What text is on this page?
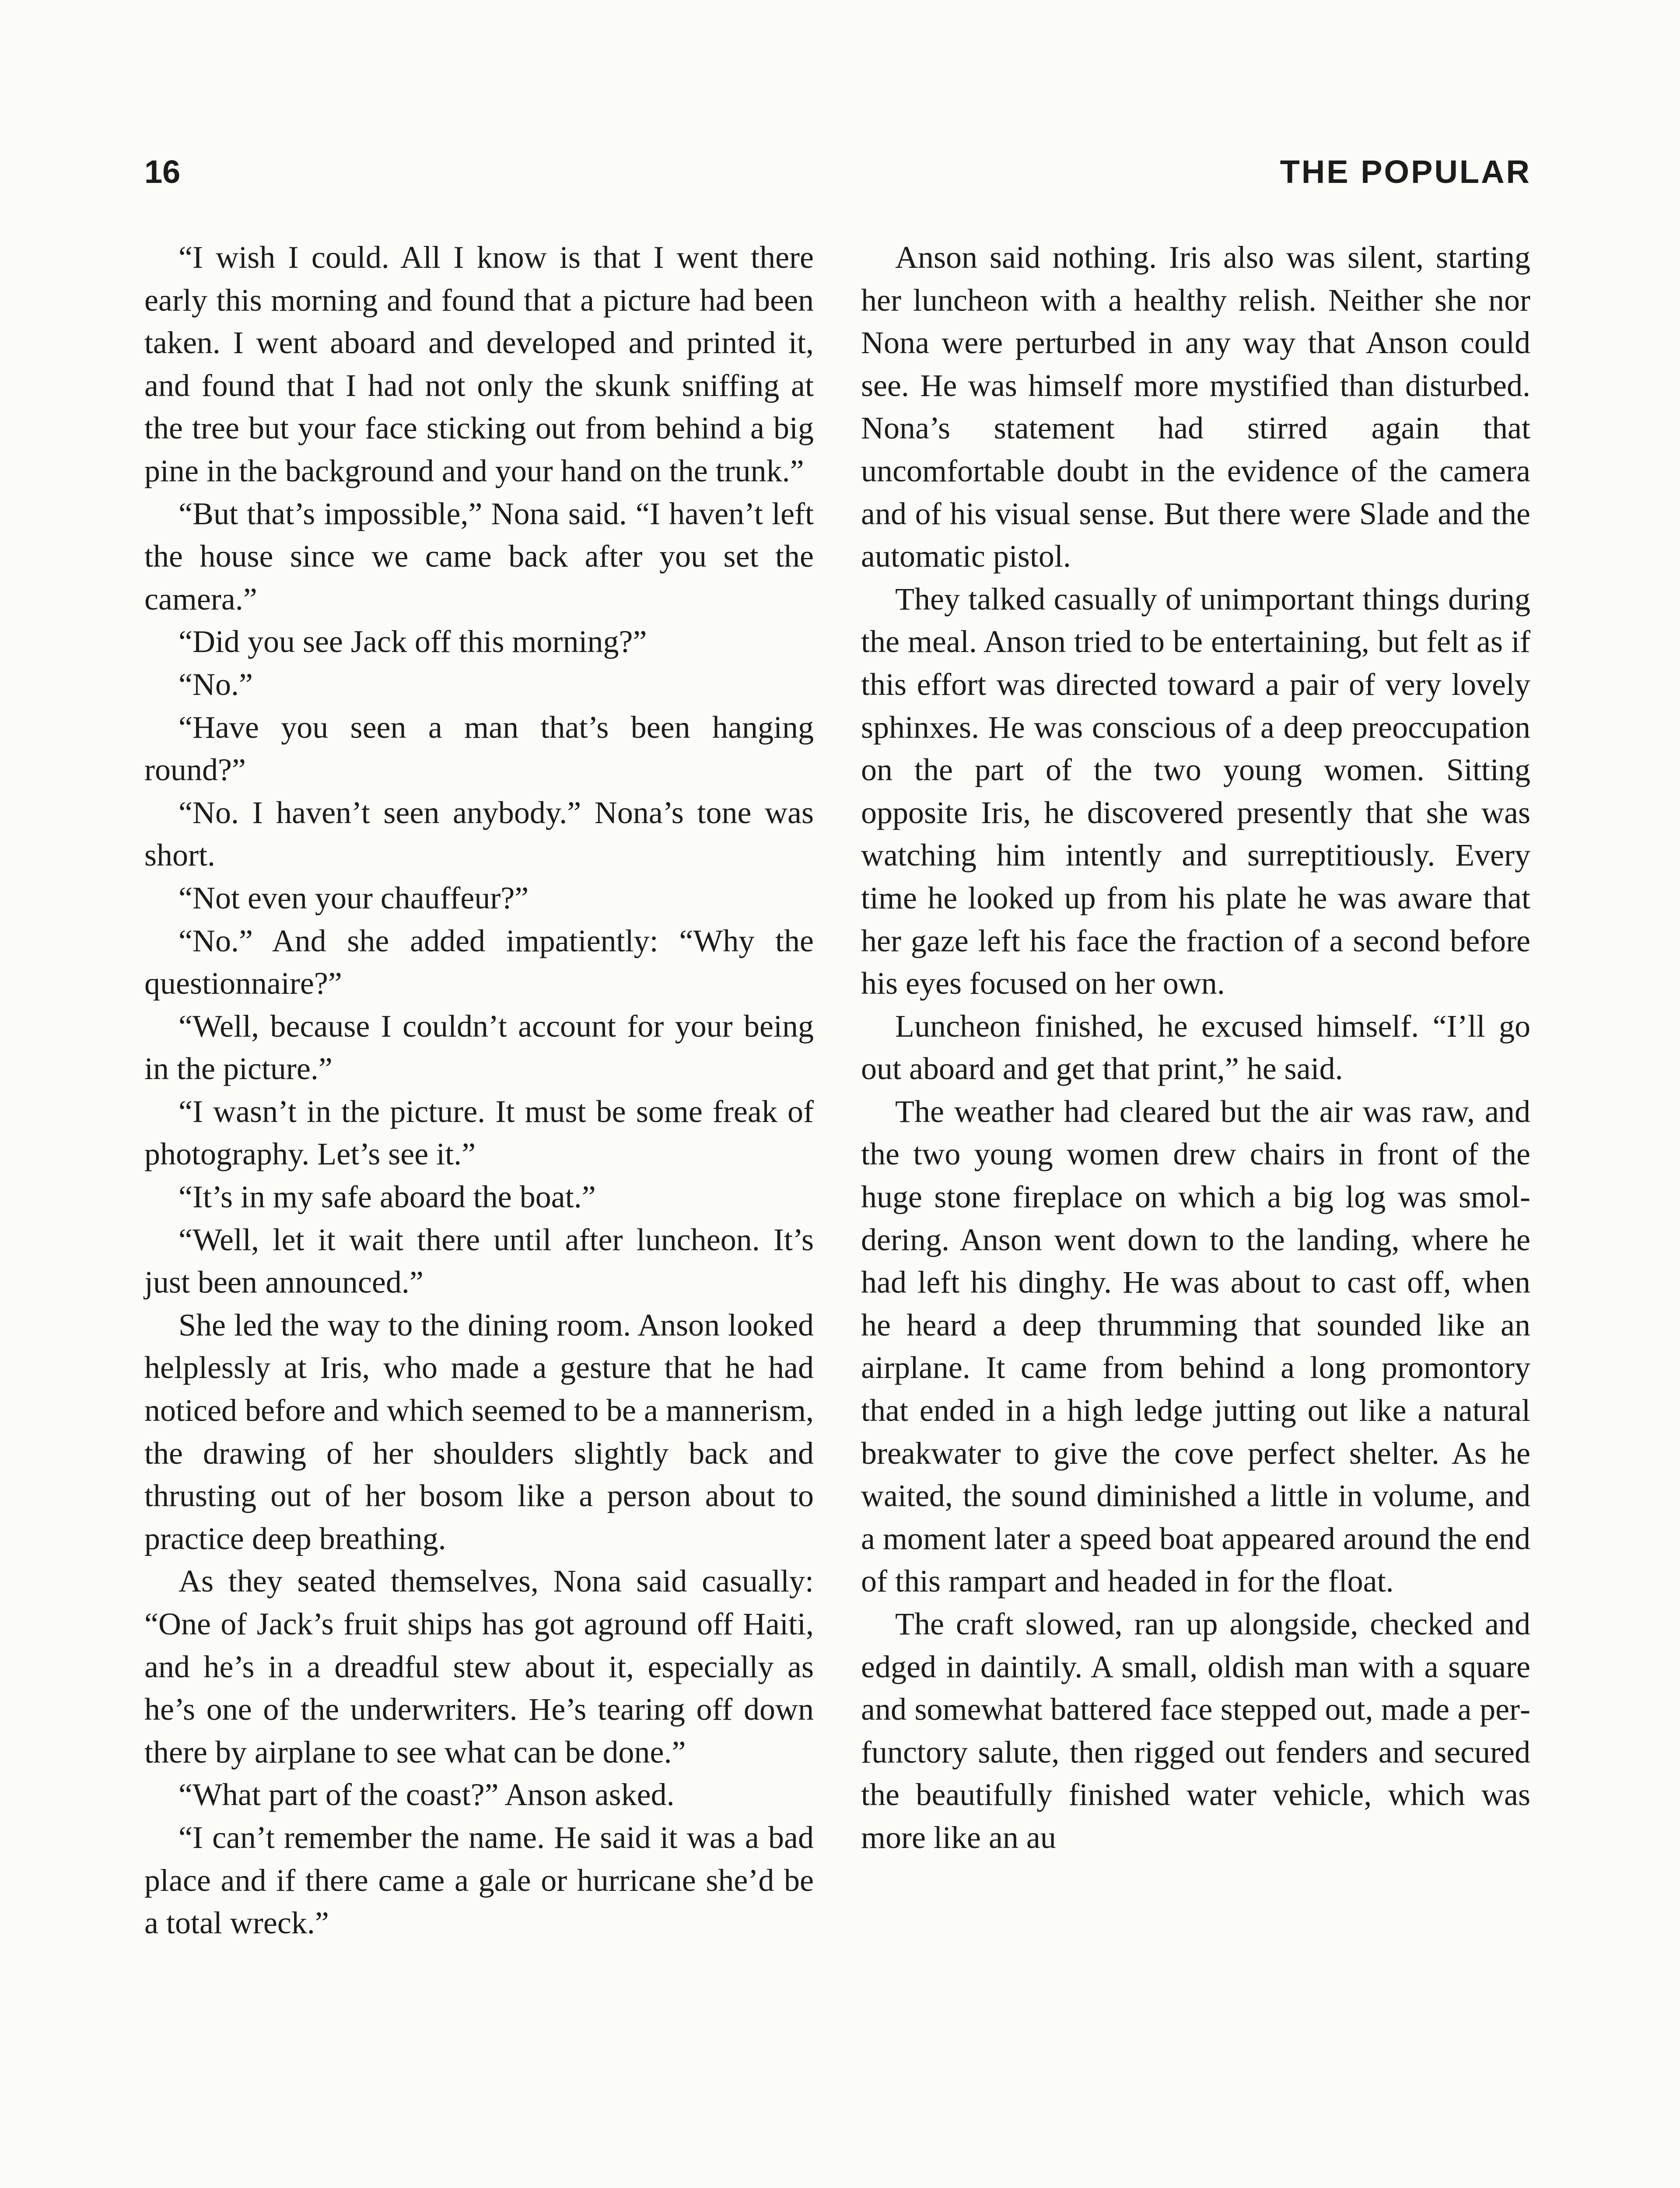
16	THE POPULAR

“I wish I could. All I know is that I went there early this morning and found that a picture had been taken. I went aboard and developed and printed it, and found that I had not only the skunk sniffing at the tree but your face sticking out from behind a big pine in the background and your hand on the trunk.”

“But that’s impossible,” Nona said. “I haven’t left the house since we came back after you set the camera.”

“Did you see Jack off this morning?”

“No.”

“Have you seen a man that’s been hanging round?”

“No. I haven’t seen anybody.” Nona’s tone was short.

“Not even your chauffeur?”

“No.” And she added impatiently: “Why the questionnaire?”

“Well, because I couldn’t account for your being in the picture.”

“I wasn’t in the picture. It must be some freak of photography. Let’s see it.”

“It’s in my safe aboard the boat.”

“Well, let it wait there until after luncheon. It’s just been announced.”

She led the way to the dining room. Anson looked helplessly at Iris, who made a gesture that he had noticed before and which seemed to be a mannerism, the drawing of her shoulders slightly back and thrusting out of her bosom like a person about to practice deep breathing.

As they seated themselves, Nona said casually: “One of Jack’s fruit ships has got aground off Haiti, and he’s in a dreadful stew about it, especially as he’s one of the underwriters. He’s tearing off down there by airplane to see what can be done.”

“What part of the coast?” Anson asked.

“I can’t remember the name. He said it was a bad place and if there came a gale or hurricane she’d be a total wreck.”

Anson said nothing. Iris also was silent, starting her luncheon with a healthy relish. Neither she nor Nona were perturbed in any way that Anson could see. He was himself more mystified than disturbed. Nona’s statement had stirred again that uncomfortable doubt in the evidence of the camera and of his visual sense. But there were Slade and the automatic pistol.

They talked casually of unimportant things during the meal. Anson tried to be entertaining, but felt as if this effort was directed toward a pair of very lovely sphinxes. He was conscious of a deep preoccupation on the part of the two young women. Sitting opposite Iris, he discovered presently that she was watching him intently and surreptitiously. Every time he looked up from his plate he was aware that her gaze left his face the fraction of a second before his eyes focused on her own.

Luncheon finished, he excused himself. “I’ll go out aboard and get that print,” he said.

The weather had cleared but the air was raw, and the two young women drew chairs in front of the huge stone fireplace on which a big log was smoldering. Anson went down to the landing, where he had left his dinghy. He was about to cast off, when he heard a deep thrumming that sounded like an airplane. It came from behind a long promontory that ended in a high ledge jutting out like a natural breakwater to give the cove perfect shelter. As he waited, the sound diminished a little in volume, and a moment later a speed boat appeared around the end of this rampart and headed in for the float.

The craft slowed, ran up alongside, checked and edged in daintily. A small, oldish man with a square and somewhat battered face stepped out, made a perfunctory salute, then rigged out fenders and secured the beautifully finished water vehicle, which was more like an au
